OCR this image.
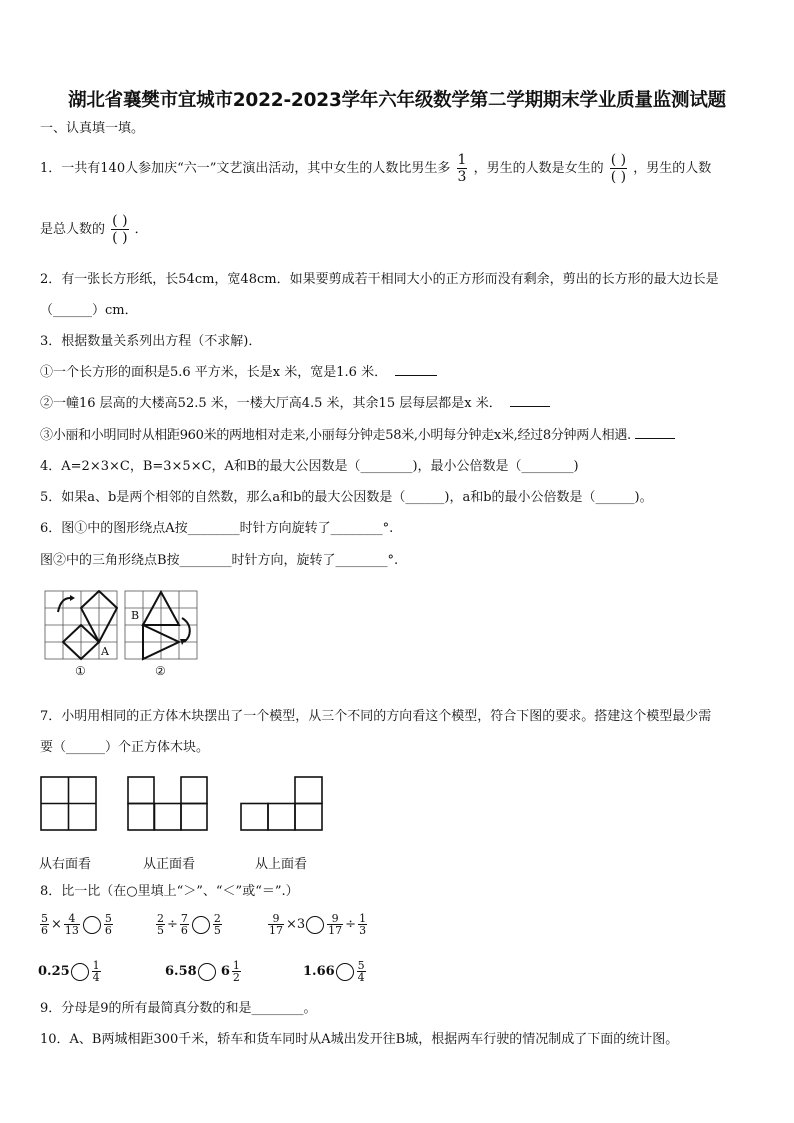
湖北省襄樊市宜城市2022-2023学年六年级数学第二学期期末学业质量监测试题
一、认真填一填。
1．一共有140人参加庆“六一”文艺演出活动，其中女生的人数比男生多 $\frac{1}{3}$ ，男生的人数是女生的 $\frac{( )}{( )}$ ，男生的人数
是总人数的 $\frac{( )}{( )}$ ．
2．有一张长方形纸，长54cm，宽48cm．如果要剪成若干相同大小的正方形而没有剩余，剪出的长方形的最大边长是
（______）cm．
3．根据数量关系列出方程（不求解)．
①一个长方形的面积是5.6 平方米，长是x 米，宽是1.6 米．
②一幢16 层高的大楼高52.5 米，一楼大厅高4.5 米，其余15 层每层都是x 米．
③小丽和小明同时从相距960米的两地相对走来,小丽每分钟走58米,小明每分钟走x米,经过8分钟两人相遇.
4．A=2×3×C，B=3×5×C，A和B的最大公因数是（________)，最小公倍数是（________)
5．如果a、b是两个相邻的自然数，那么a和b的最大公因数是（______)，a和b的最小公倍数是（______)。
6．图①中的图形绕点A按________时针方向旋转了________°.
图②中的三角形绕点B按________时针方向，旋转了________°.
A
①
B
②
7．小明用相同的正方体木块摆出了一个模型，从三个不同的方向看这个模型，符合下图的要求。搭建这个模型最少需
要（______）个正方体木块。
从右面看	从正面看	从上面看
8．比一比（在○里填上“＞”、“＜”或“＝”.）
$\frac{5}{6} \times \frac{4}{13} \frac{5}{6}$	$\frac{2}{5} \div \frac{7}{6} \frac{2}{5}$	$\frac{9}{17} \times 3 \frac{9}{17} \div \frac{1}{3}$
$0.25 \frac{1}{4}$	6.58 $6 \frac{1}{2}$	$1.66 \frac{5}{4}$
9．分母是9的所有最简真分数的和是________。
10．A、B两城相距300千米，轿车和货车同时从A城出发开往B城，根据两车行驶的情况制成了下面的统计图。
